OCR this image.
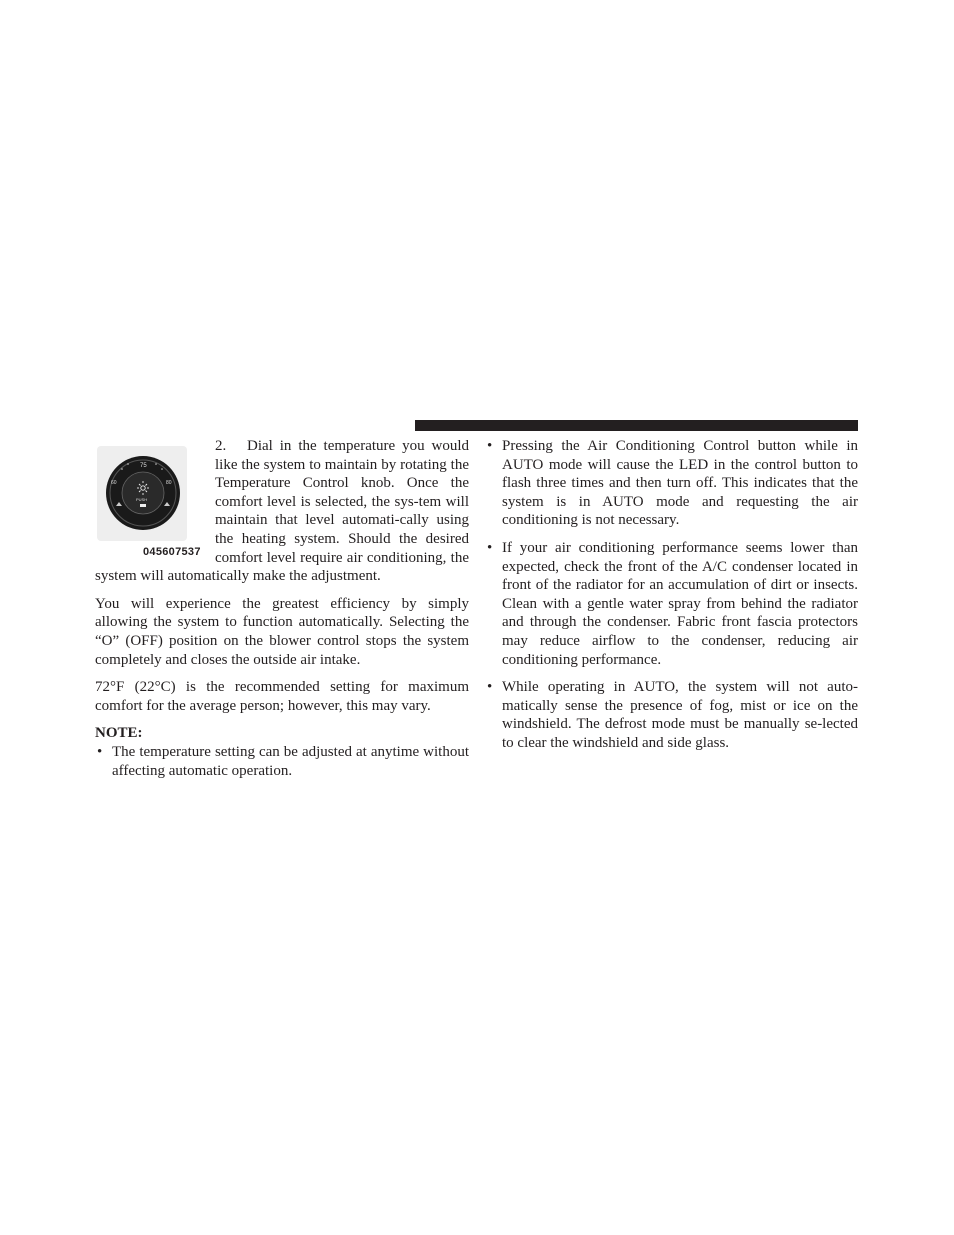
75
60	80
PUSH
045607537
2. Dial in the temperature you would like the system to maintain by rotating the Temperature Control knob. Once the comfort level is selected, the sys-tem will maintain that level automati-cally using the heating system. Should the desired comfort level require air conditioning, the system will automatically make the adjustment.

You will experience the greatest efficiency by simply allowing the system to function automatically. Selecting the “O” (OFF) position on the blower control stops the system completely and closes the outside air intake.

72°F (22°C) is the recommended setting for maximum comfort for the average person; however, this may vary.

NOTE:

• The temperature setting can be adjusted at anytime without affecting automatic operation.
• Pressing the Air Conditioning Control button while in AUTO mode will cause the LED in the control button to flash three times and then turn off. This indicates that the system is in AUTO mode and requesting the air conditioning is not necessary.
• If your air conditioning performance seems lower than expected, check the front of the A/C condenser located in front of the radiator for an accumulation of dirt or insects. Clean with a gentle water spray from behind the radiator and through the condenser. Fabric front fascia protectors may reduce airflow to the condenser, reducing air conditioning performance.
• While operating in AUTO, the system will not auto-matically sense the presence of fog, mist or ice on the windshield. The defrost mode must be manually se-lected to clear the windshield and side glass.
